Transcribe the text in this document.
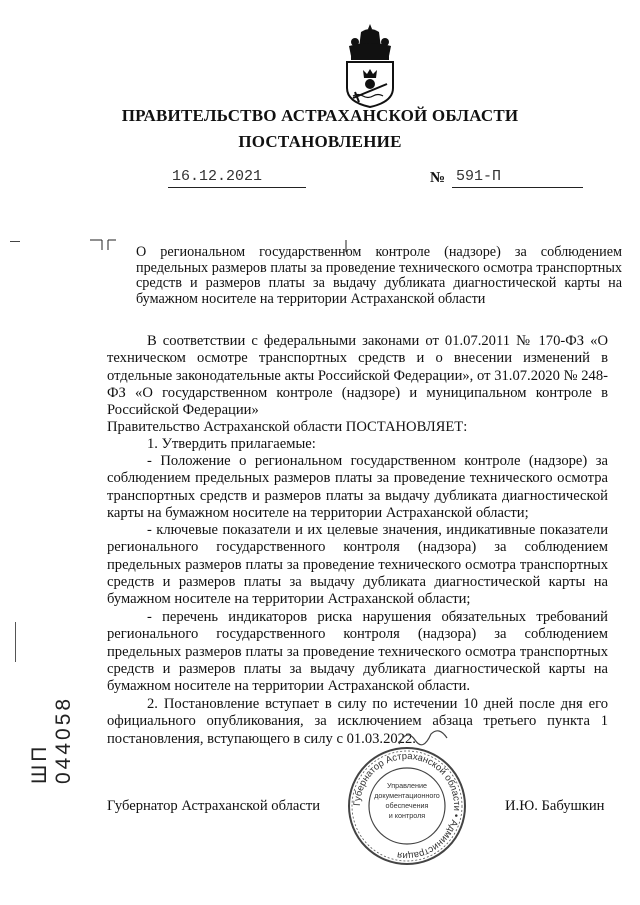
ПРАВИТЕЛЬСТВО АСТРАХАНСКОЙ ОБЛАСТИ
ПОСТАНОВЛЕНИЕ
16.12.2021	№ 591-П
О региональном государственном контроле (надзоре) за соблюдением предельных размеров платы за проведение технического осмотра транспортных средств и размеров платы за выдачу дубликата диагностической карты на бумажном носителе на территории Астраханской области

В соответствии с федеральными законами от 01.07.2011 № 170-ФЗ «О техническом осмотре транспортных средств и о внесении изменений в отдельные законодательные акты Российской Федерации», от 31.07.2020 № 248-ФЗ «О государственном контроле (надзоре) и муниципальном контроле в Российской Федерации»

Правительство Астраханской области ПОСТАНОВЛЯЕТ:

1. Утвердить прилагаемые:

- Положение о региональном государственном контроле (надзоре) за соблюдением предельных размеров платы за проведение технического осмотра транспортных средств и размеров платы за выдачу дубликата диагностической карты на бумажном носителе на территории Астраханской области;

- ключевые показатели и их целевые значения, индикативные показатели регионального государственного контроля (надзора) за соблюдением предельных размеров платы за проведение технического осмотра транспортных средств и размеров платы за выдачу дубликата диагностической карты на бумажном носителе на территории Астраханской области;

- перечень индикаторов риска нарушения обязательных требований регионального государственного контроля (надзора) за соблюдением предельных размеров платы за проведение технического осмотра транспортных средств и размеров платы за выдачу дубликата диагностической карты на бумажном носителе на территории Астраханской области.

2. Постановление вступает в силу по истечении 10 дней после дня его официального опубликования, за исключением абзаца третьего пункта 1 постановления, вступающего в силу с 01.03.2022.

Губернатор Астраханской области	И.Ю. Бабушкин
Губернатор Астраханской области • Администрация
Управление
документационного
обеспечения
и контроля
ШП 044058
